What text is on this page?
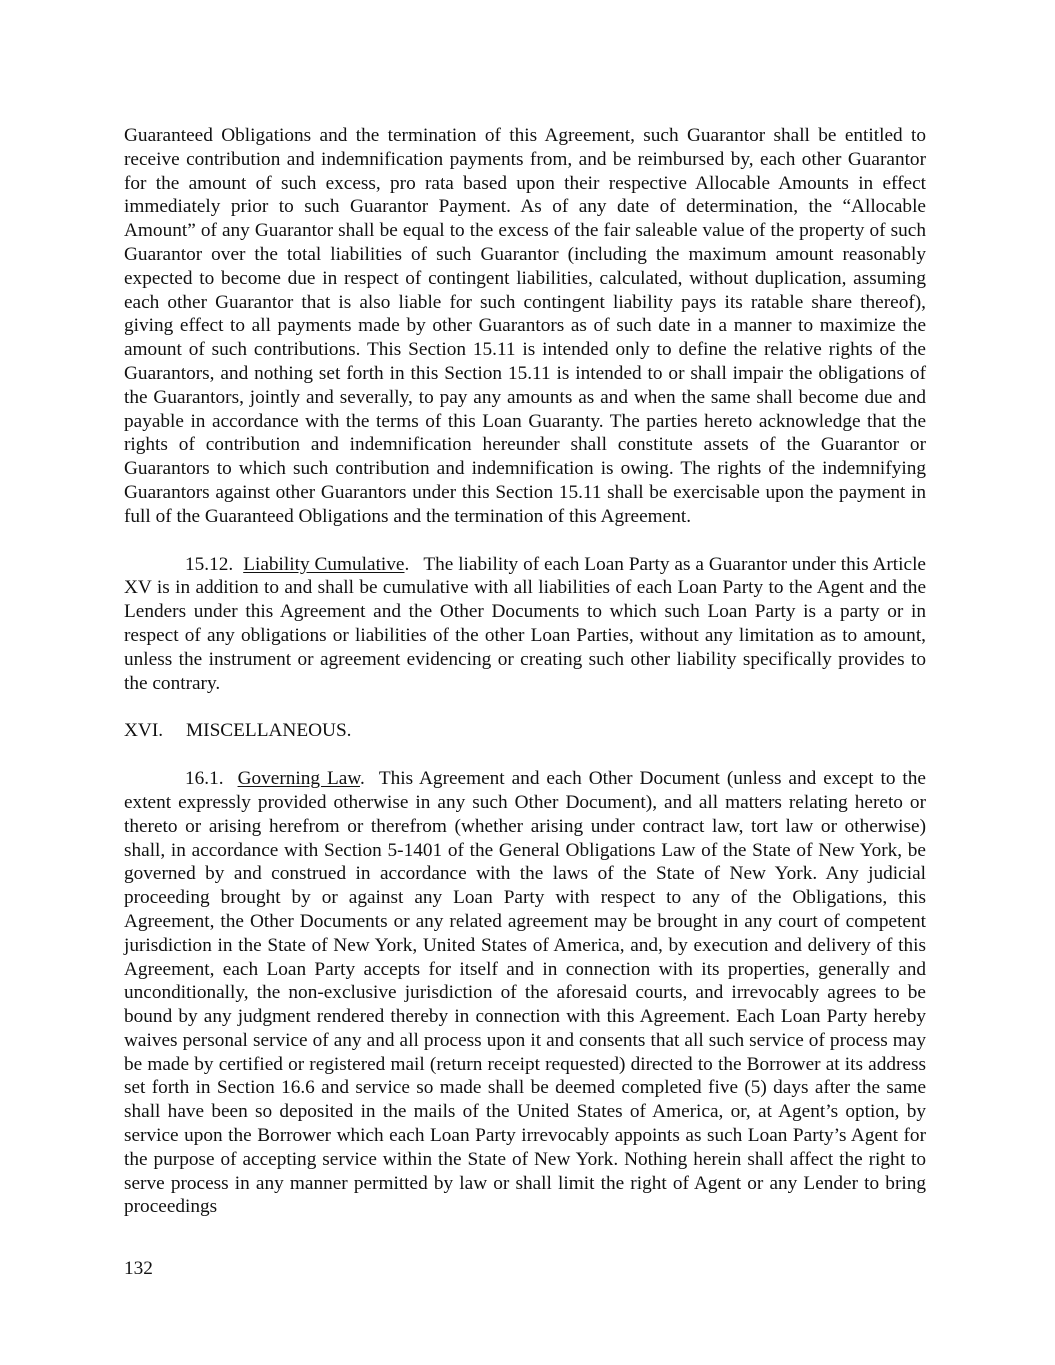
Guaranteed Obligations and the termination of this Agreement, such Guarantor shall be entitled to receive contribution and indemnification payments from, and be reimbursed by, each other Guarantor for the amount of such excess, pro rata based upon their respective Allocable Amounts in effect immediately prior to such Guarantor Payment. As of any date of determination, the “Allocable Amount” of any Guarantor shall be equal to the excess of the fair saleable value of the property of such Guarantor over the total liabilities of such Guarantor (including the maximum amount reasonably expected to become due in respect of contingent liabilities, calculated, without duplication, assuming each other Guarantor that is also liable for such contingent liability pays its ratable share thereof), giving effect to all payments made by other Guarantors as of such date in a manner to maximize the amount of such contributions. This Section 15.11 is intended only to define the relative rights of the Guarantors, and nothing set forth in this Section 15.11 is intended to or shall impair the obligations of the Guarantors, jointly and severally, to pay any amounts as and when the same shall become due and payable in accordance with the terms of this Loan Guaranty. The parties hereto acknowledge that the rights of contribution and indemnification hereunder shall constitute assets of the Guarantor or Guarantors to which such contribution and indemnification is owing. The rights of the indemnifying Guarantors against other Guarantors under this Section 15.11 shall be exercisable upon the payment in full of the Guaranteed Obligations and the termination of this Agreement.

15.12. Liability Cumulative. The liability of each Loan Party as a Guarantor under this Article XV is in addition to and shall be cumulative with all liabilities of each Loan Party to the Agent and the Lenders under this Agreement and the Other Documents to which such Loan Party is a party or in respect of any obligations or liabilities of the other Loan Parties, without any limitation as to amount, unless the instrument or agreement evidencing or creating such other liability specifically provides to the contrary.

XVI. MISCELLANEOUS.

16.1. Governing Law. This Agreement and each Other Document (unless and except to the extent expressly provided otherwise in any such Other Document), and all matters relating hereto or thereto or arising herefrom or therefrom (whether arising under contract law, tort law or otherwise) shall, in accordance with Section 5-1401 of the General Obligations Law of the State of New York, be governed by and construed in accordance with the laws of the State of New York. Any judicial proceeding brought by or against any Loan Party with respect to any of the Obligations, this Agreement, the Other Documents or any related agreement may be brought in any court of competent jurisdiction in the State of New York, United States of America, and, by execution and delivery of this Agreement, each Loan Party accepts for itself and in connection with its properties, generally and unconditionally, the non-exclusive jurisdiction of the aforesaid courts, and irrevocably agrees to be bound by any judgment rendered thereby in connection with this Agreement. Each Loan Party hereby waives personal service of any and all process upon it and consents that all such service of process may be made by certified or registered mail (return receipt requested) directed to the Borrower at its address set forth in Section 16.6 and service so made shall be deemed completed five (5) days after the same shall have been so deposited in the mails of the United States of America, or, at Agent’s option, by service upon the Borrower which each Loan Party irrevocably appoints as such Loan Party’s Agent for the purpose of accepting service within the State of New York. Nothing herein shall affect the right to serve process in any manner permitted by law or shall limit the right of Agent or any Lender to bring proceedings

132
